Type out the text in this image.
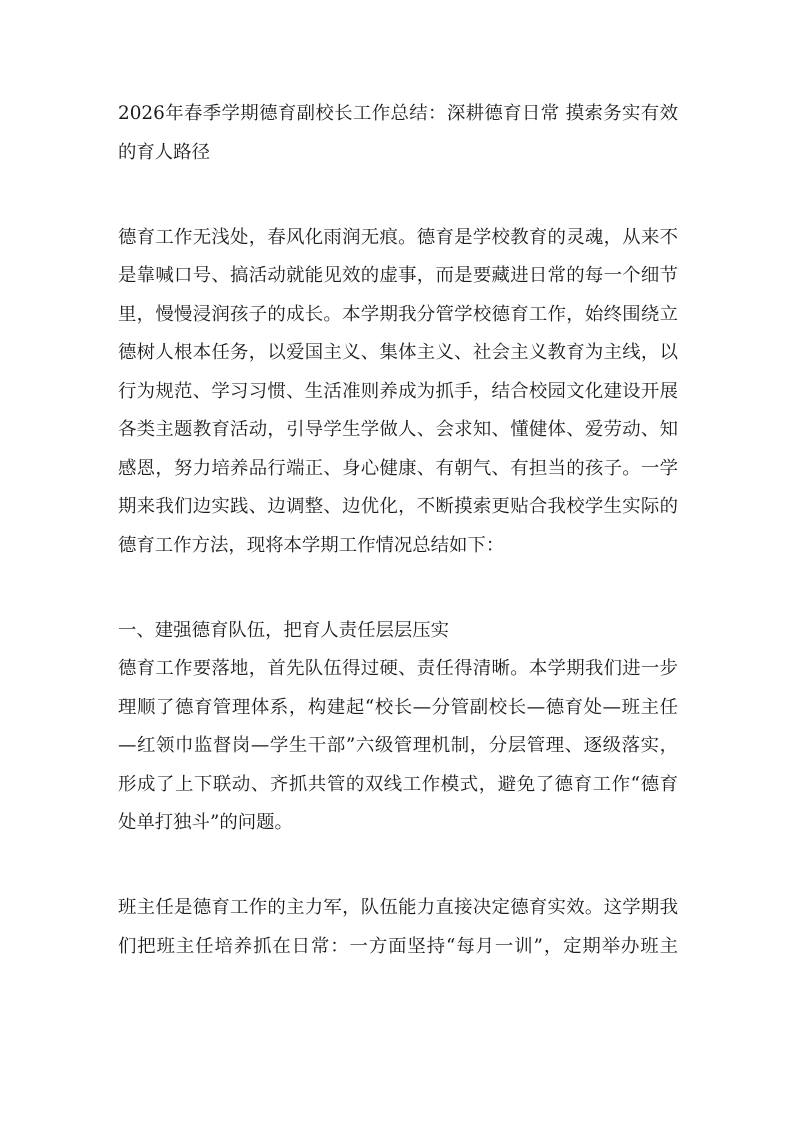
2026年春季学期德育副校长工作总结：深耕德育日常 摸索务实有效
的育人路径
德育工作无浅处，春风化雨润无痕。德育是学校教育的灵魂，从来不
是靠喊口号、搞活动就能见效的虚事，而是要藏进日常的每一个细节
里，慢慢浸润孩子的成长。本学期我分管学校德育工作，始终围绕立
德树人根本任务，以爱国主义、集体主义、社会主义教育为主线，以
行为规范、学习习惯、生活准则养成为抓手，结合校园文化建设开展
各类主题教育活动，引导学生学做人、会求知、懂健体、爱劳动、知
感恩，努力培养品行端正、身心健康、有朝气、有担当的孩子。一学
期来我们边实践、边调整、边优化，不断摸索更贴合我校学生实际的
德育工作方法，现将本学期工作情况总结如下：
一、建强德育队伍，把育人责任层层压实
德育工作要落地，首先队伍得过硬、责任得清晰。本学期我们进一步
理顺了德育管理体系，构建起“校长—分管副校长—德育处—班主任
—红领巾监督岗—学生干部”六级管理机制，分层管理、逐级落实，
形成了上下联动、齐抓共管的双线工作模式，避免了德育工作“德育
处单打独斗”的问题。
班主任是德育工作的主力军，队伍能力直接决定德育实效。这学期我
们把班主任培养抓在日常：一方面坚持“每月一训”，定期举办班主
